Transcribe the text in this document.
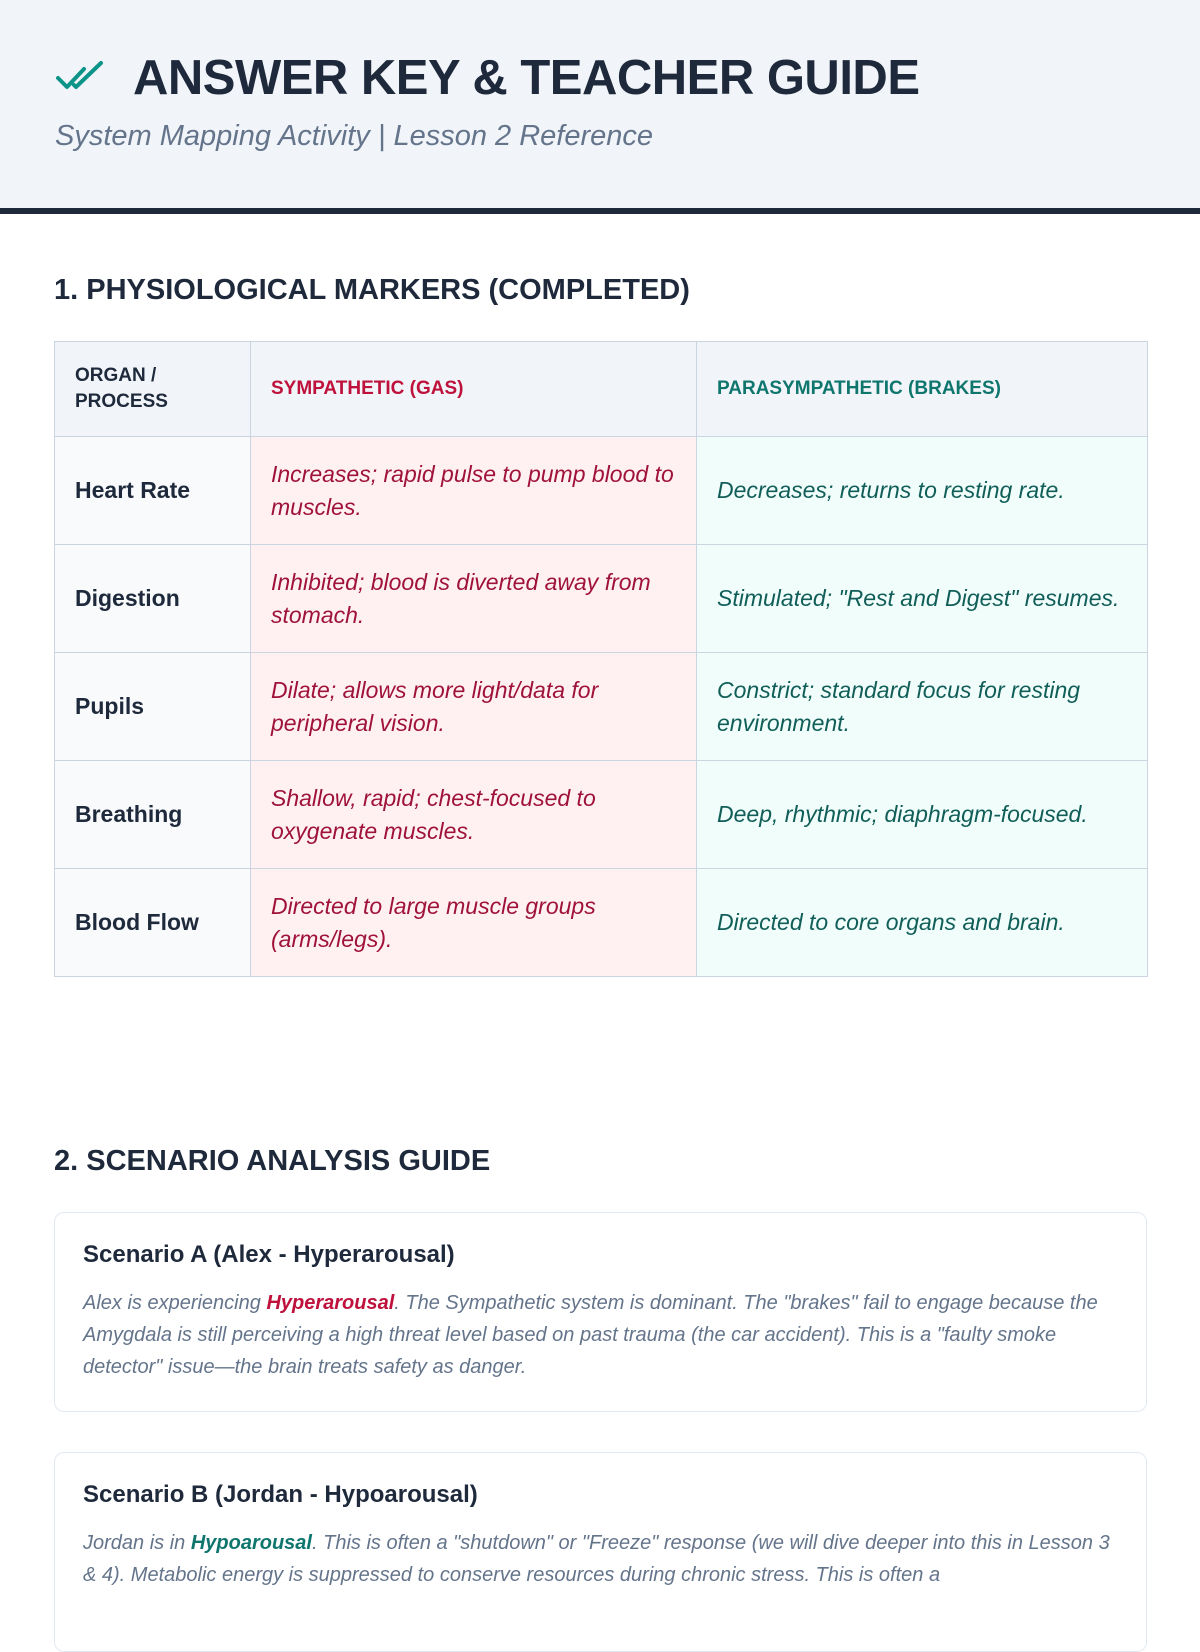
ANSWER KEY & TEACHER GUIDE

System Mapping Activity | Lesson 2 Reference

1. PHYSIOLOGICAL MARKERS (COMPLETED)
ORGAN / PROCESS	SYMPATHETIC (GAS)	PARASYMPATHETIC (BRAKES)
Heart Rate	Increases; rapid pulse to pump blood to muscles.	Decreases; returns to resting rate.
Digestion	Inhibited; blood is diverted away from stomach.	Stimulated; "Rest and Digest" resumes.
Pupils	Dilate; allows more light/data for peripheral vision.	Constrict; standard focus for resting environment.
Breathing	Shallow, rapid; chest-focused to oxygenate muscles.	Deep, rhythmic; diaphragm-focused.
Blood Flow	Directed to large muscle groups (arms/legs).	Directed to core organs and brain.
2. SCENARIO ANALYSIS GUIDE
Scenario A (Alex - Hyperarousal)

Alex is experiencing Hyperarousal. The Sympathetic system is dominant. The "brakes" fail to engage because the Amygdala is still perceiving a high threat level based on past trauma (the car accident). This is a "faulty smoke detector" issue—the brain treats safety as danger.

Scenario B (Jordan - Hypoarousal)

Jordan is in Hypoarousal. This is often a "shutdown" or "Freeze" response (we will dive deeper into this in Lesson 3 & 4). Metabolic energy is suppressed to conserve resources during chronic stress. This is often a
